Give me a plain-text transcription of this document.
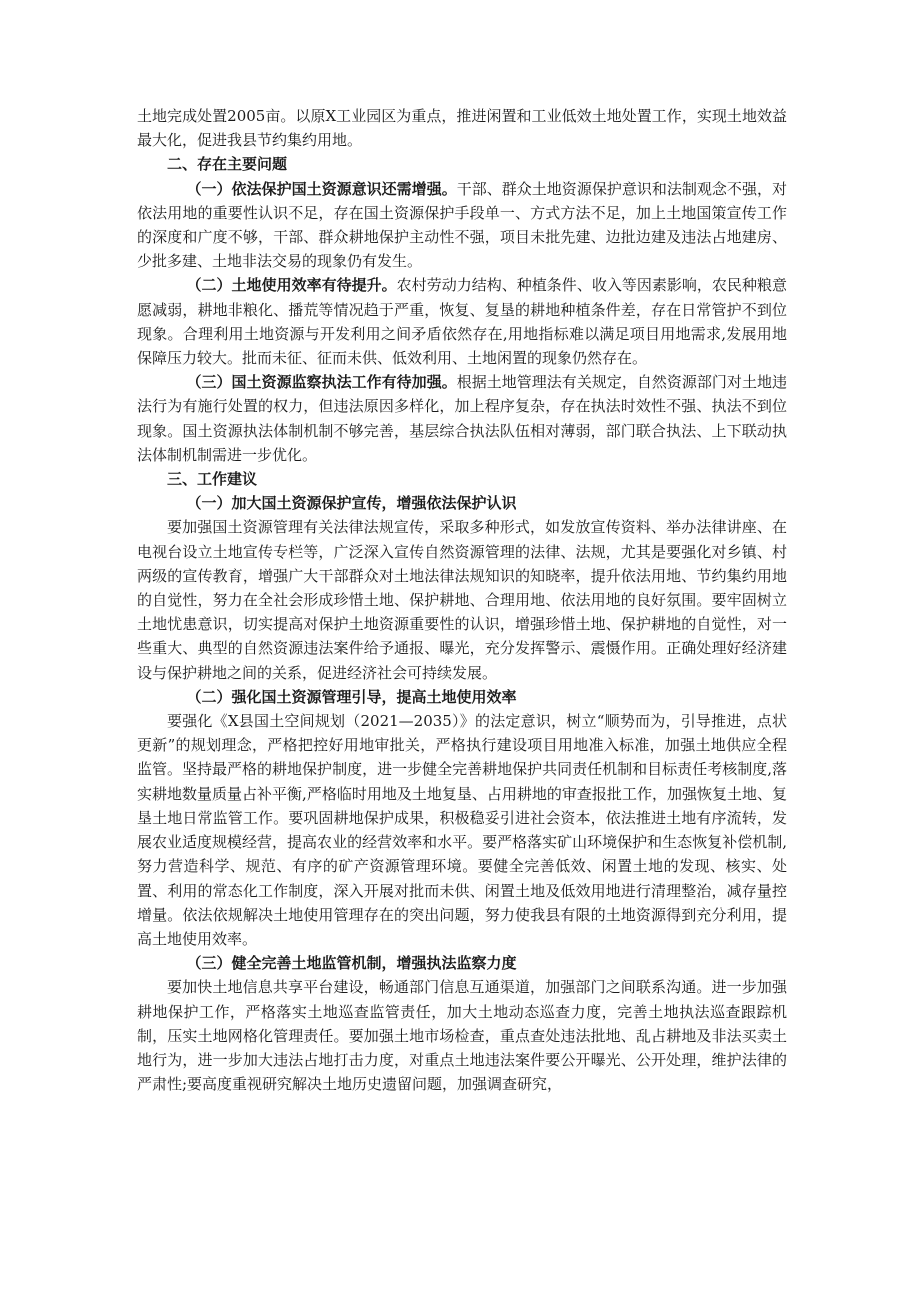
土地完成处置2005亩。以原X工业园区为重点，推进闲置和工业低效土地处置工作，实现土地效益最大化，促进我县节约集约用地。

二、存在主要问题

（一）依法保护国土资源意识还需增强。干部、群众土地资源保护意识和法制观念不强，对依法用地的重要性认识不足，存在国土资源保护手段单一、方式方法不足，加上土地国策宣传工作的深度和广度不够，干部、群众耕地保护主动性不强，项目未批先建、边批边建及违法占地建房、少批多建、土地非法交易的现象仍有发生。

（二）土地使用效率有待提升。农村劳动力结构、种植条件、收入等因素影响，农民种粮意愿减弱，耕地非粮化、播荒等情况趋于严重，恢复、复垦的耕地种植条件差，存在日常管护不到位现象。合理利用土地资源与开发利用之间矛盾依然存在,用地指标难以满足项目用地需求,发展用地保障压力较大。批而未征、征而未供、低效利用、土地闲置的现象仍然存在。

（三）国土资源监察执法工作有待加强。根据土地管理法有关规定，自然资源部门对土地违法行为有施行处置的权力，但违法原因多样化，加上程序复杂，存在执法时效性不强、执法不到位现象。国土资源执法体制机制不够完善，基层综合执法队伍相对薄弱，部门联合执法、上下联动执法体制机制需进一步优化。

三、工作建议

（一）加大国土资源保护宣传，增强依法保护认识

要加强国土资源管理有关法律法规宣传，采取多种形式，如发放宣传资料、举办法律讲座、在电视台设立土地宣传专栏等，广泛深入宣传自然资源管理的法律、法规，尤其是要强化对乡镇、村两级的宣传教育，增强广大干部群众对土地法律法规知识的知晓率，提升依法用地、节约集约用地的自觉性，努力在全社会形成珍惜土地、保护耕地、合理用地、依法用地的良好氛围。要牢固树立土地忧患意识，切实提高对保护土地资源重要性的认识，增强珍惜土地、保护耕地的自觉性，对一些重大、典型的自然资源违法案件给予通报、曝光，充分发挥警示、震慑作用。正确处理好经济建设与保护耕地之间的关系，促进经济社会可持续发展。

（二）强化国土资源管理引导，提高土地使用效率

要强化《X县国土空间规划（2021—2035）》的法定意识，树立“顺势而为，引导推进，点状更新”的规划理念，严格把控好用地审批关，严格执行建设项目用地准入标准，加强土地供应全程监管。坚持最严格的耕地保护制度，进一步健全完善耕地保护共同责任机制和目标责任考核制度,落实耕地数量质量占补平衡,严格临时用地及土地复垦、占用耕地的审查报批工作，加强恢复土地、复垦土地日常监管工作。要巩固耕地保护成果，积极稳妥引进社会资本，依法推进土地有序流转，发展农业适度规模经营，提高农业的经营效率和水平。要严格落实矿山环境保护和生态恢复补偿机制,努力营造科学、规范、有序的矿产资源管理环境。要健全完善低效、闲置土地的发现、核实、处置、利用的常态化工作制度，深入开展对批而未供、闲置土地及低效用地进行清理整治，减存量控增量。依法依规解决土地使用管理存在的突出问题，努力使我县有限的土地资源得到充分利用，提高土地使用效率。

（三）健全完善土地监管机制，增强执法监察力度

要加快土地信息共享平台建设，畅通部门信息互通渠道，加强部门之间联系沟通。进一步加强耕地保护工作，严格落实土地巡查监管责任，加大土地动态巡查力度，完善土地执法巡查跟踪机制，压实土地网格化管理责任。要加强土地市场检查，重点查处违法批地、乱占耕地及非法买卖土地行为，进一步加大违法占地打击力度，对重点土地违法案件要公开曝光、公开处理，维护法律的严肃性;要高度重视研究解决土地历史遗留问题，加强调查研究，
